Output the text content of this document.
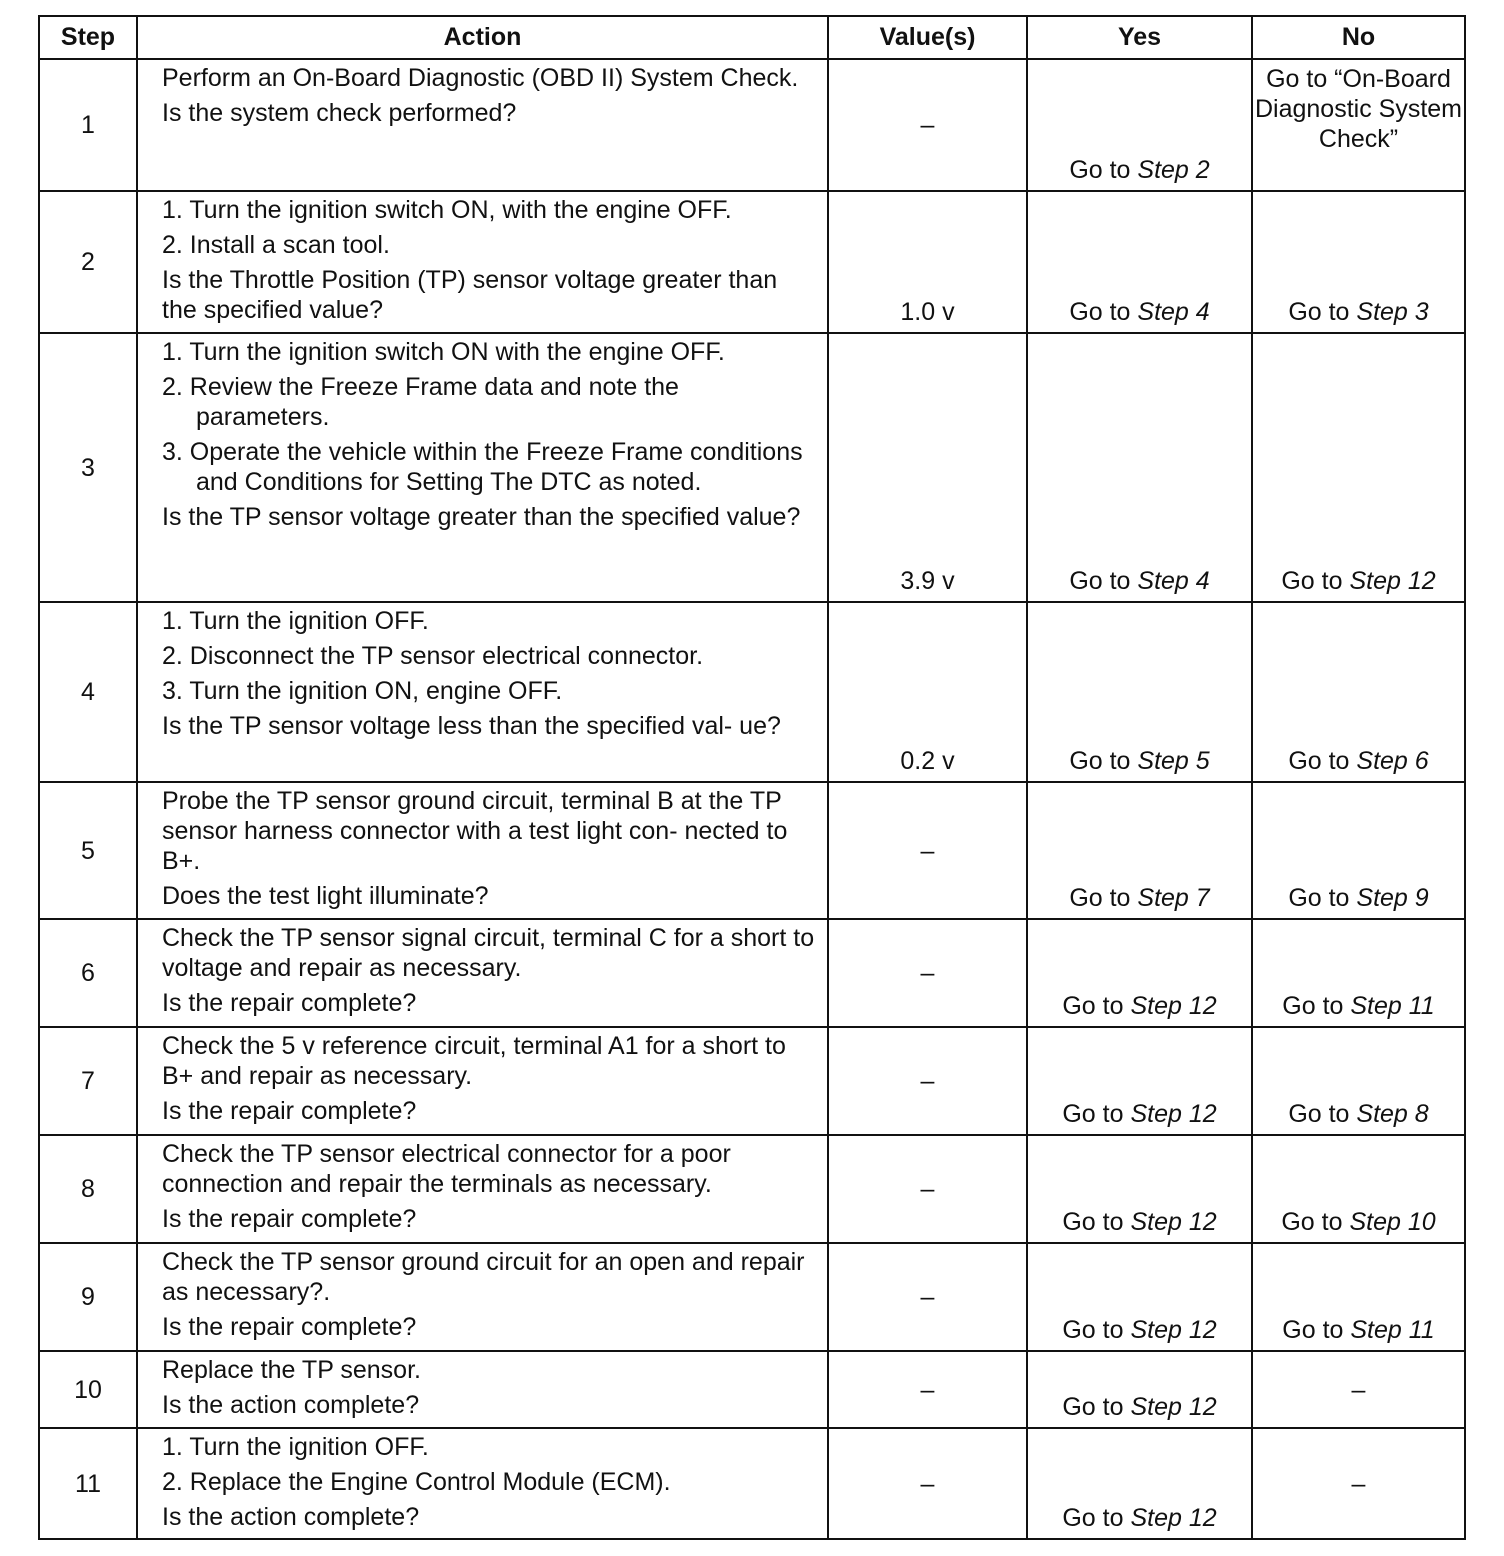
Step	Action	Value(s)	Yes	No
1	Perform an On-Board Diagnostic (OBD II) System Check.
Is the system check performed?	–	Go to Step 2	Go to “On-Board Diagnostic System Check”

2	1. Turn the ignition switch ON, with the engine OFF.
2. Install a scan tool.
Is the Throttle Position (TP) sensor voltage greater than the specified value?	1.0 v	Go to Step 4	Go to Step 3
3	1. Turn the ignition switch ON with the engine OFF.
2. Review the Freeze Frame data and note the parameters.
3. Operate the vehicle within the Freeze Frame conditions and Conditions for Setting The DTC as noted.
Is the TP sensor voltage greater than the specified value?	3.9 v	Go to Step 4	Go to Step 12
4	1. Turn the ignition OFF.
2. Disconnect the TP sensor electrical connector.
3. Turn the ignition ON, engine OFF.
Is the TP sensor voltage less than the specified val- ue?	0.2 v	Go to Step 5	Go to Step 6
5	Probe the TP sensor ground circuit, terminal B at the TP sensor harness connector with a test light con- nected to B+.
Does the test light illuminate?	–	Go to Step 7	Go to Step 9
6	Check the TP sensor signal circuit, terminal C for a short to voltage and repair as necessary.
Is the repair complete?	–	Go to Step 12	Go to Step 11
7	Check the 5 v reference circuit, terminal A1 for a short to B+ and repair as necessary.
Is the repair complete?	–	Go to Step 12	Go to Step 8
8	Check the TP sensor electrical connector for a poor connection and repair the terminals as necessary.
Is the repair complete?	–	Go to Step 12	Go to Step 10
9	Check the TP sensor ground circuit for an open and repair as necessary?.
Is the repair complete?	–	Go to Step 12	Go to Step 11
10	Replace the TP sensor.
Is the action complete?	–	Go to Step 12	–
11	1. Turn the ignition OFF.
2. Replace the Engine Control Module (ECM).
Is the action complete?	–	Go to Step 12	–
